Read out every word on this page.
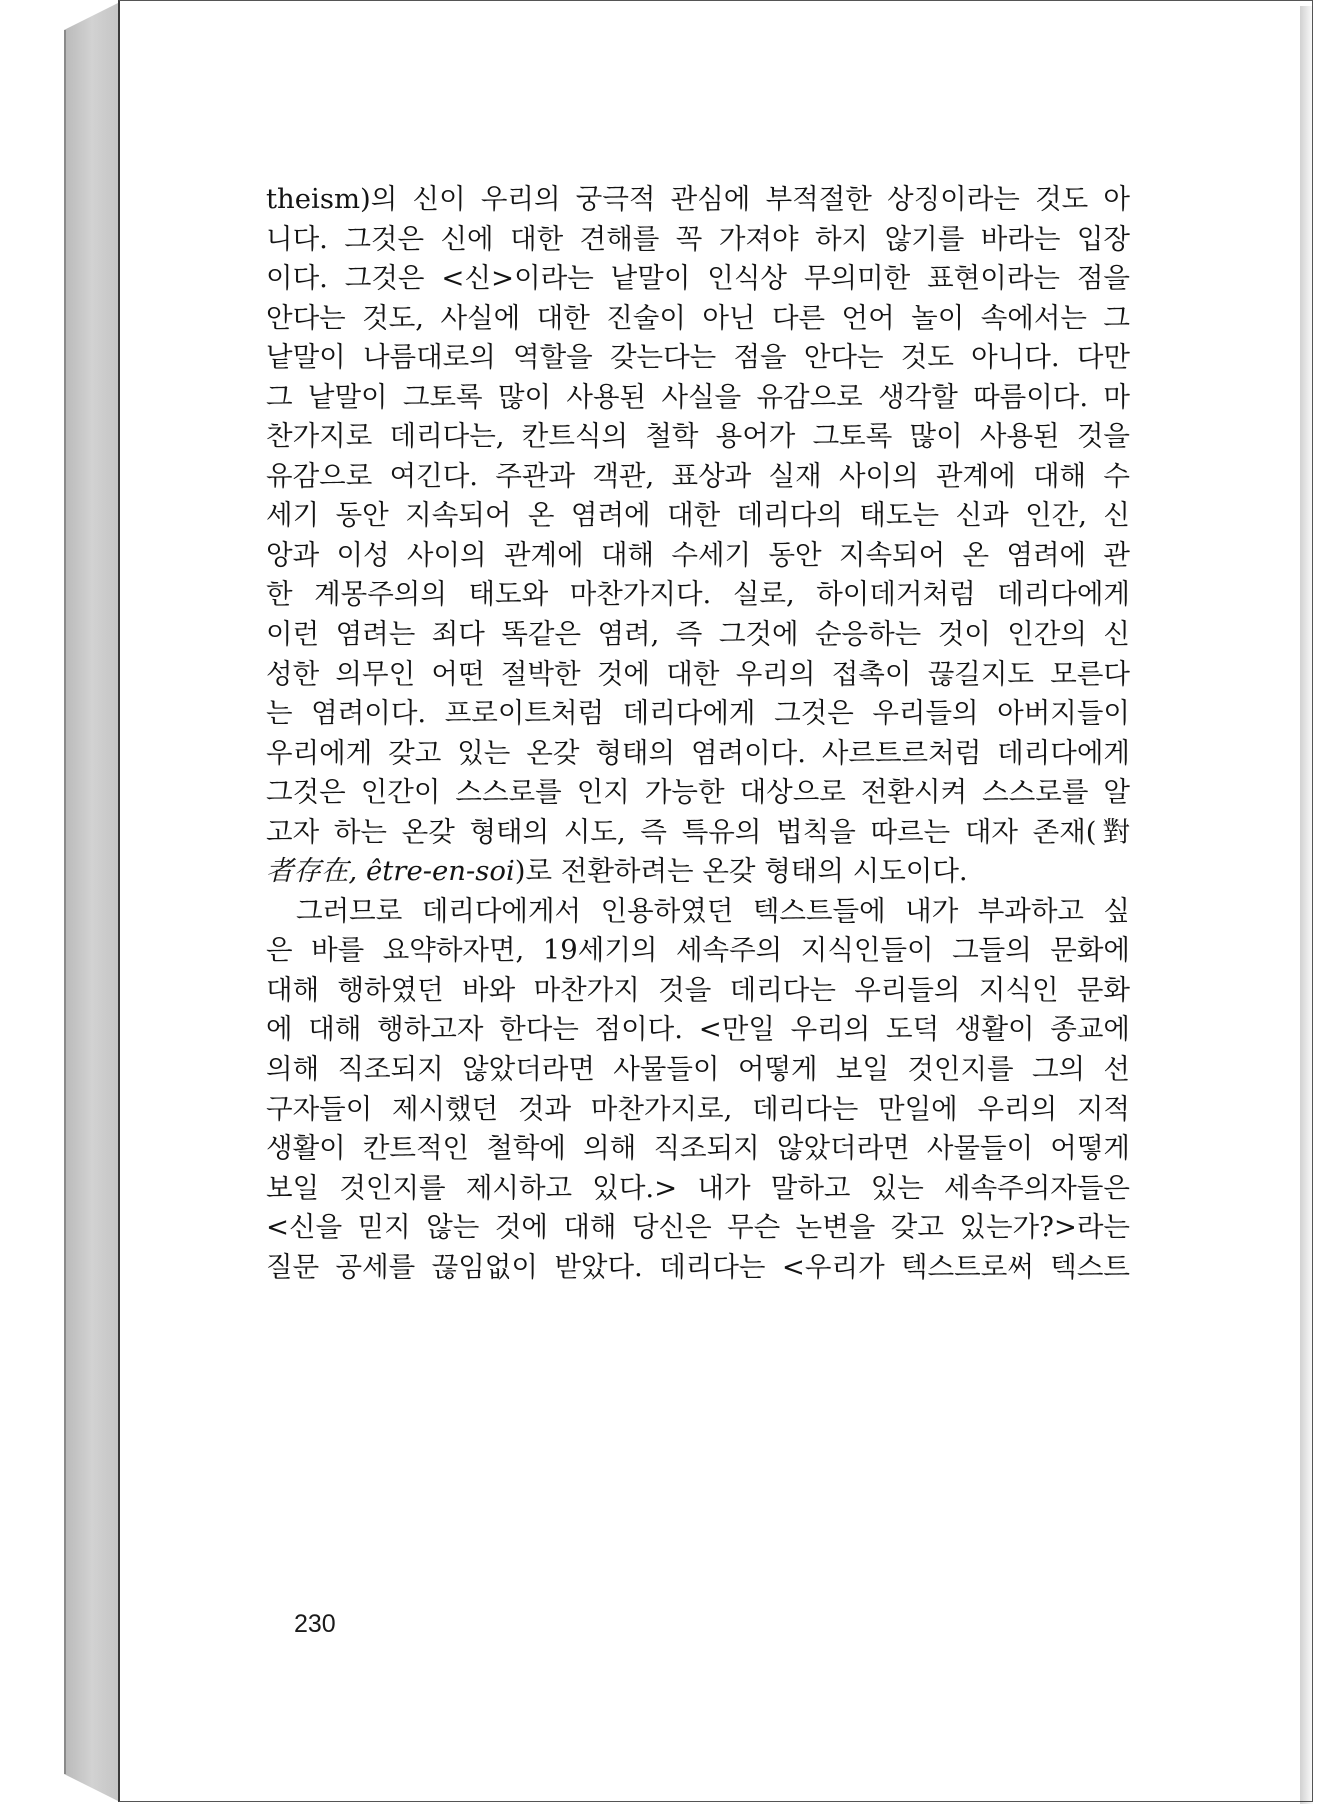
theism)의 신이 우리의 궁극적 관심에 부적절한 상징이라는 것도 아
니다. 그것은 신에 대한 견해를 꼭 가져야 하지 않기를 바라는 입장
이다. 그것은 <신>이라는 낱말이 인식상 무의미한 표현이라는 점을
안다는 것도, 사실에 대한 진술이 아닌 다른 언어 놀이 속에서는 그
낱말이 나름대로의 역할을 갖는다는 점을 안다는 것도 아니다. 다만
그 낱말이 그토록 많이 사용된 사실을 유감으로 생각할 따름이다. 마
찬가지로 데리다는, 칸트식의 철학 용어가 그토록 많이 사용된 것을
유감으로 여긴다. 주관과 객관, 표상과 실재 사이의 관계에 대해 수
세기 동안 지속되어 온 염려에 대한 데리다의 태도는 신과 인간, 신
앙과 이성 사이의 관계에 대해 수세기 동안 지속되어 온 염려에 관
한 계몽주의의 태도와 마찬가지다. 실로, 하이데거처럼 데리다에게
이런 염려는 죄다 똑같은 염려, 즉 그것에 순응하는 것이 인간의 신
성한 의무인 어떤 절박한 것에 대한 우리의 접촉이 끊길지도 모른다
는 염려이다. 프로이트처럼 데리다에게 그것은 우리들의 아버지들이
우리에게 갖고 있는 온갖 형태의 염려이다. 사르트르처럼 데리다에게
그것은 인간이 스스로를 인지 가능한 대상으로 전환시켜 스스로를 알
고자 하는 온갖 형태의 시도, 즉 특유의 법칙을 따르는 대자 존재(對
者存在, être-en-soi)로 전환하려는 온갖 형태의 시도이다.
그러므로 데리다에게서 인용하였던 텍스트들에 내가 부과하고 싶
은 바를 요약하자면, 19세기의 세속주의 지식인들이 그들의 문화에
대해 행하였던 바와 마찬가지 것을 데리다는 우리들의 지식인 문화
에 대해 행하고자 한다는 점이다. <만일 우리의 도덕 생활이 종교에
의해 직조되지 않았더라면 사물들이 어떻게 보일 것인지를 그의 선
구자들이 제시했던 것과 마찬가지로, 데리다는 만일에 우리의 지적
생활이 칸트적인 철학에 의해 직조되지 않았더라면 사물들이 어떻게
보일 것인지를 제시하고 있다.> 내가 말하고 있는 세속주의자들은
<신을 믿지 않는 것에 대해 당신은 무슨 논변을 갖고 있는가?>라는
질문 공세를 끊임없이 받았다. 데리다는 <우리가 텍스트로써 텍스트
230
